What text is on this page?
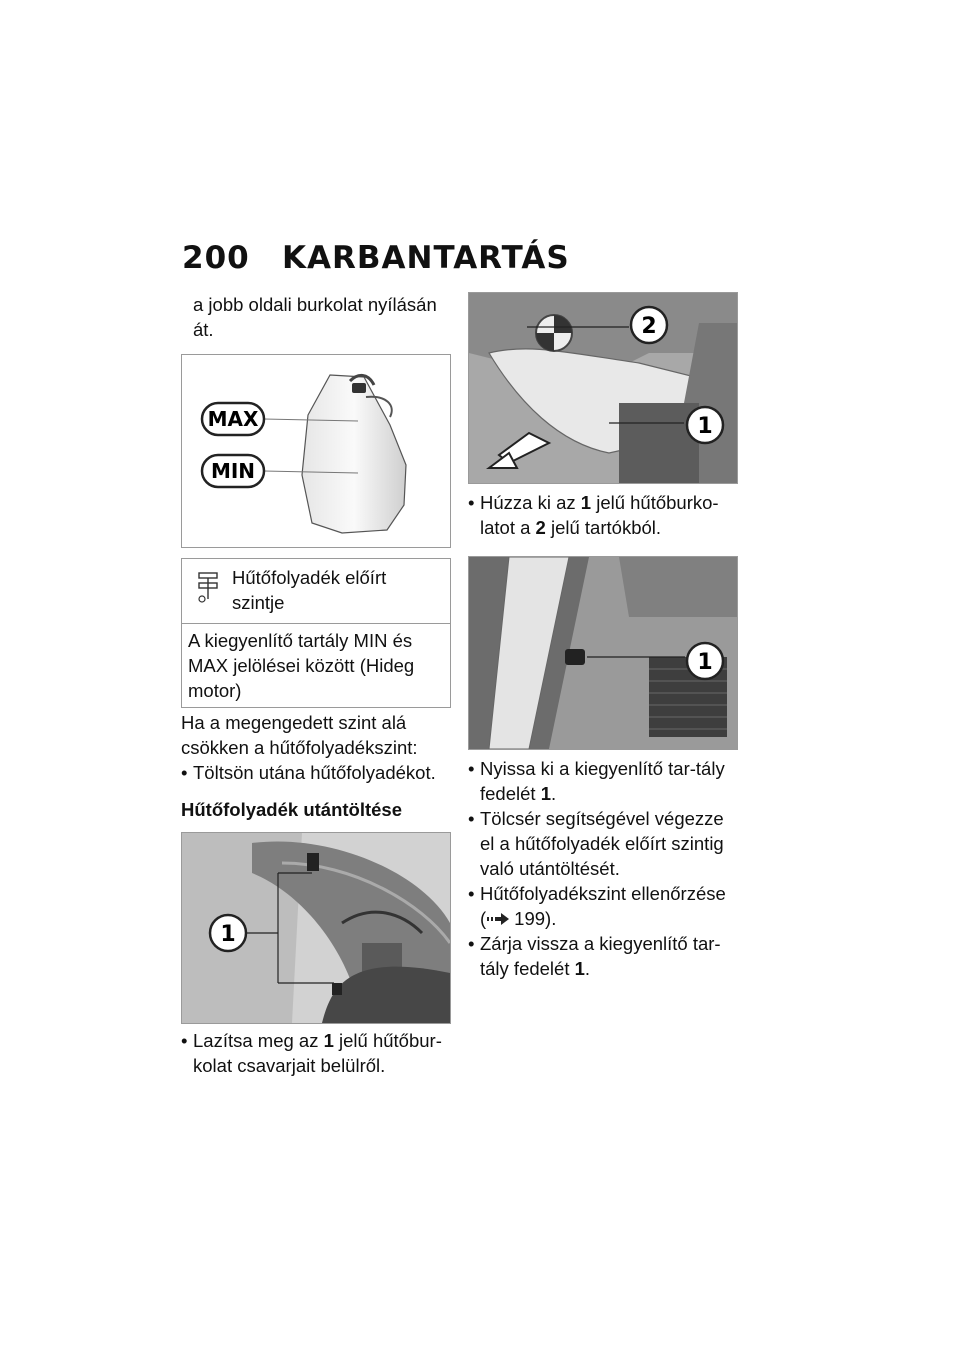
200 KARBANTARTÁS
a jobb oldali burkolat nyílásán
át.
MAX
MIN
Hűtőfolyadék előírt
szintje
A kiegyenlítő tartály MIN és MAX jelölései között (Hideg motor)
Ha a megengedett szint alá
csökken a hűtőfolyadékszint:
• Töltsön utána hűtőfolyadékot.
Hűtőfolyadék utántöltése
1
• Lazítsa meg az 1 jelű hűtőbur-kolat csavarjait belülről.
2
1
• Húzza ki az 1 jelű hűtőburko-latot a 2 jelű tartókból.
1
• Nyissa ki a kiegyenlítő tar-tály fedelét 1.
• Tölcsér segítségével végezze el a hűtőfolyadék előírt szintig való utántöltését.
• Hűtőfolyadékszint ellenőrzése
( 199).
• Zárja vissza a kiegyenlítő tar-tály fedelét 1.
